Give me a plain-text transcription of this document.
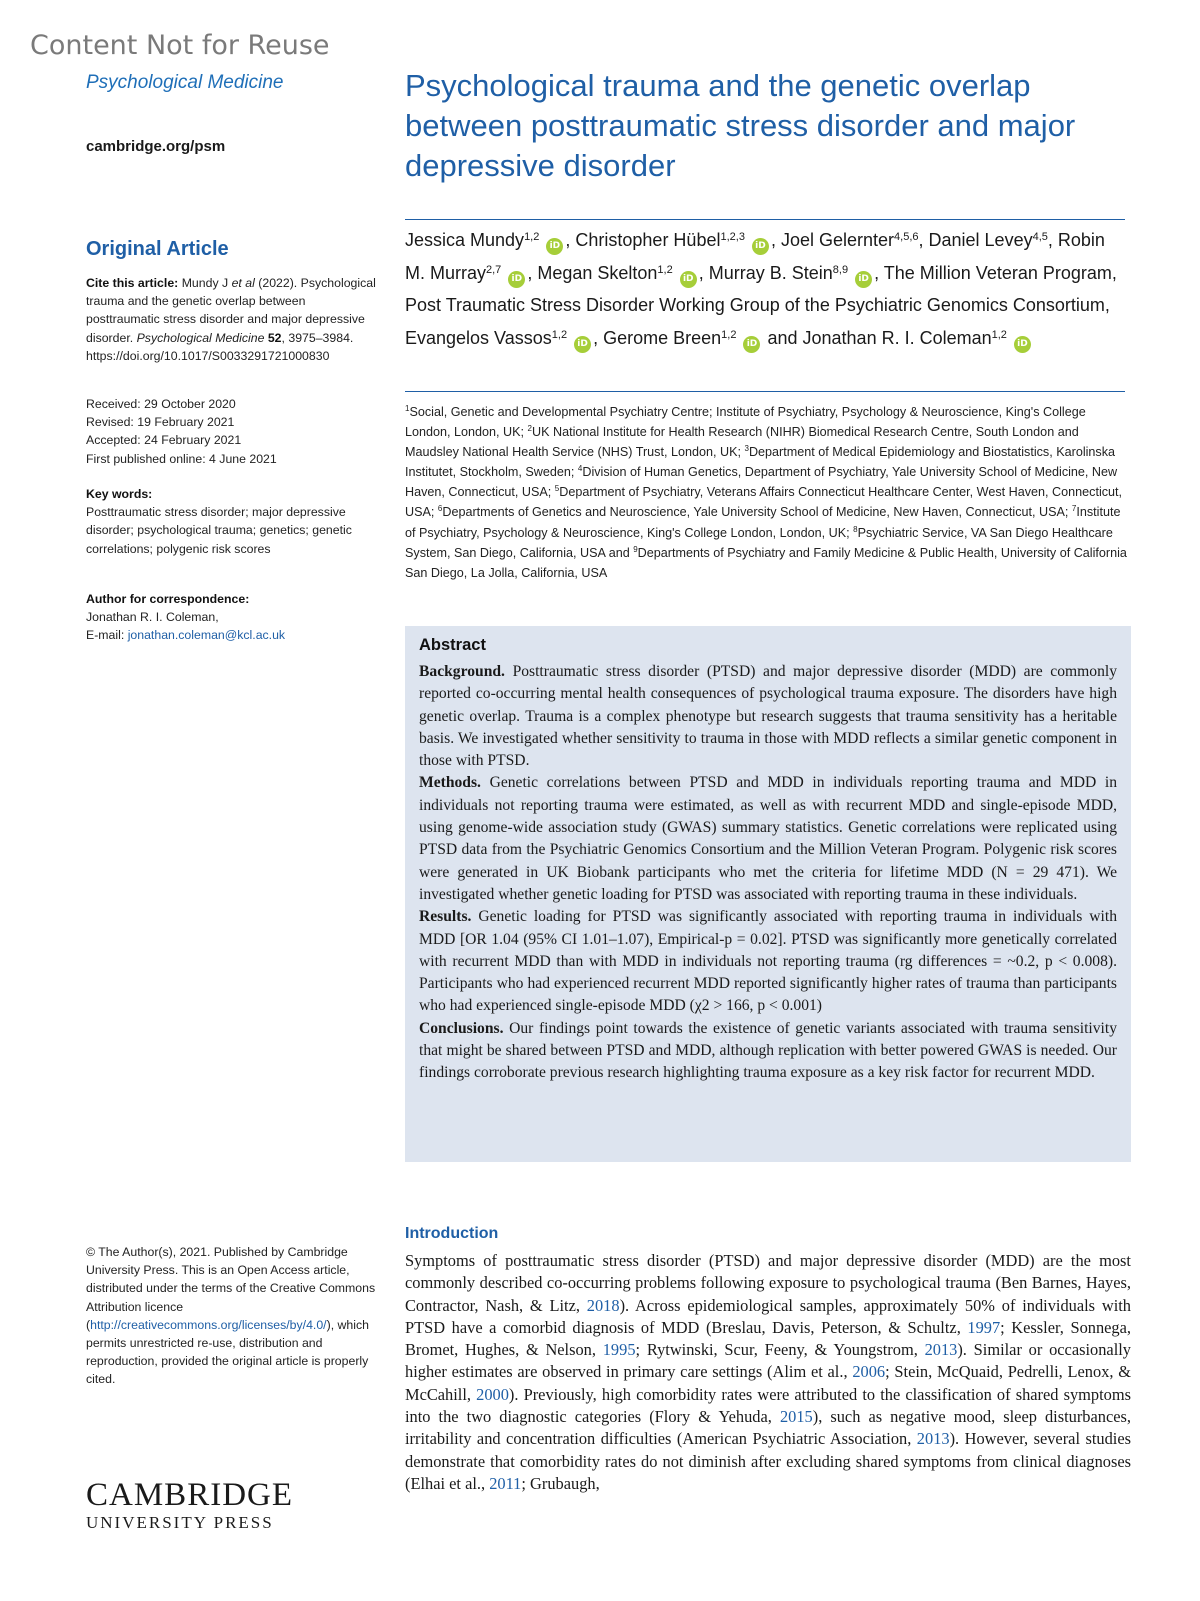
Content Not for Reuse
Psychological Medicine
cambridge.org/psm
Original Article
Cite this article: Mundy J et al (2022). Psychological trauma and the genetic overlap between posttraumatic stress disorder and major depressive disorder. Psychological Medicine 52, 3975–3984. https://doi.org/10.1017/S0033291721000830
Received: 29 October 2020
Revised: 19 February 2021
Accepted: 24 February 2021
First published online: 4 June 2021
Key words:
Posttraumatic stress disorder; major depressive disorder; psychological trauma; genetics; genetic correlations; polygenic risk scores
Author for correspondence:
Jonathan R. I. Coleman,
E-mail: jonathan.coleman@kcl.ac.uk
© The Author(s), 2021. Published by Cambridge University Press. This is an Open Access article, distributed under the terms of the Creative Commons Attribution licence (http://creativecommons.org/licenses/by/4.0/), which permits unrestricted re-use, distribution and reproduction, provided the original article is properly cited.
CAMBRIDGE
UNIVERSITY PRESS
Psychological trauma and the genetic overlap between posttraumatic stress disorder and major depressive disorder
Jessica Mundy$^{1,2}$ iD , Christopher Hübel$^{1,2,3}$ iD , Joel Gelernter$^{4,5,6}$, Daniel Levey$^{4,5}$, Robin M. Murray$^{2,7}$ iD , Megan Skelton$^{1,2}$ iD , Murray B. Stein$^{8,9}$ iD , The Million Veteran Program, Post Traumatic Stress Disorder Working Group of the Psychiatric Genomics Consortium, Evangelos Vassos$^{1,2}$ iD , Gerome Breen$^{1,2}$ iD and Jonathan R. I. Coleman$^{1,2}$ iD
$^1$Social, Genetic and Developmental Psychiatry Centre; Institute of Psychiatry, Psychology & Neuroscience, King's College London, London, UK; $^2$UK National Institute for Health Research (NIHR) Biomedical Research Centre, South London and Maudsley National Health Service (NHS) Trust, London, UK; $^3$Department of Medical Epidemiology and Biostatistics, Karolinska Institutet, Stockholm, Sweden; $^4$Division of Human Genetics, Department of Psychiatry, Yale University School of Medicine, New Haven, Connecticut, USA; $^5$Department of Psychiatry, Veterans Affairs Connecticut Healthcare Center, West Haven, Connecticut, USA; $^6$Departments of Genetics and Neuroscience, Yale University School of Medicine, New Haven, Connecticut, USA; $^7$Institute of Psychiatry, Psychology & Neuroscience, King's College London, London, UK; $^8$Psychiatric Service, VA San Diego Healthcare System, San Diego, California, USA and $^9$Departments of Psychiatry and Family Medicine & Public Health, University of California San Diego, La Jolla, California, USA
Abstract
Background. Posttraumatic stress disorder (PTSD) and major depressive disorder (MDD) are commonly reported co-occurring mental health consequences of psychological trauma exposure. The disorders have high genetic overlap. Trauma is a complex phenotype but research suggests that trauma sensitivity has a heritable basis. We investigated whether sensitivity to trauma in those with MDD reflects a similar genetic component in those with PTSD.
Methods. Genetic correlations between PTSD and MDD in individuals reporting trauma and MDD in individuals not reporting trauma were estimated, as well as with recurrent MDD and single-episode MDD, using genome-wide association study (GWAS) summary statistics. Genetic correlations were replicated using PTSD data from the Psychiatric Genomics Consortium and the Million Veteran Program. Polygenic risk scores were generated in UK Biobank participants who met the criteria for lifetime MDD (N = 29 471). We investigated whether genetic loading for PTSD was associated with reporting trauma in these individuals.
Results. Genetic loading for PTSD was significantly associated with reporting trauma in individuals with MDD [OR 1.04 (95% CI 1.01–1.07), Empirical-p = 0.02]. PTSD was significantly more genetically correlated with recurrent MDD than with MDD in individuals not reporting trauma (rg differences = ~0.2, p < 0.008). Participants who had experienced recurrent MDD reported significantly higher rates of trauma than participants who had experienced single-episode MDD (χ2 > 166, p < 0.001)
Conclusions. Our findings point towards the existence of genetic variants associated with trauma sensitivity that might be shared between PTSD and MDD, although replication with better powered GWAS is needed. Our findings corroborate previous research highlighting trauma exposure as a key risk factor for recurrent MDD.
Introduction
Symptoms of posttraumatic stress disorder (PTSD) and major depressive disorder (MDD) are the most commonly described co-occurring problems following exposure to psychological trauma (Ben Barnes, Hayes, Contractor, Nash, & Litz, 2018). Across epidemiological samples, approximately 50% of individuals with PTSD have a comorbid diagnosis of MDD (Breslau, Davis, Peterson, & Schultz, 1997; Kessler, Sonnega, Bromet, Hughes, & Nelson, 1995; Rytwinski, Scur, Feeny, & Youngstrom, 2013). Similar or occasionally higher estimates are observed in primary care settings (Alim et al., 2006; Stein, McQuaid, Pedrelli, Lenox, & McCahill, 2000). Previously, high comorbidity rates were attributed to the classification of shared symptoms into the two diagnostic categories (Flory & Yehuda, 2015), such as negative mood, sleep disturbances, irritability and concentration difficulties (American Psychiatric Association, 2013). However, several studies demonstrate that comorbidity rates do not diminish after excluding shared symptoms from clinical diagnoses (Elhai et al., 2011; Grubaugh,
